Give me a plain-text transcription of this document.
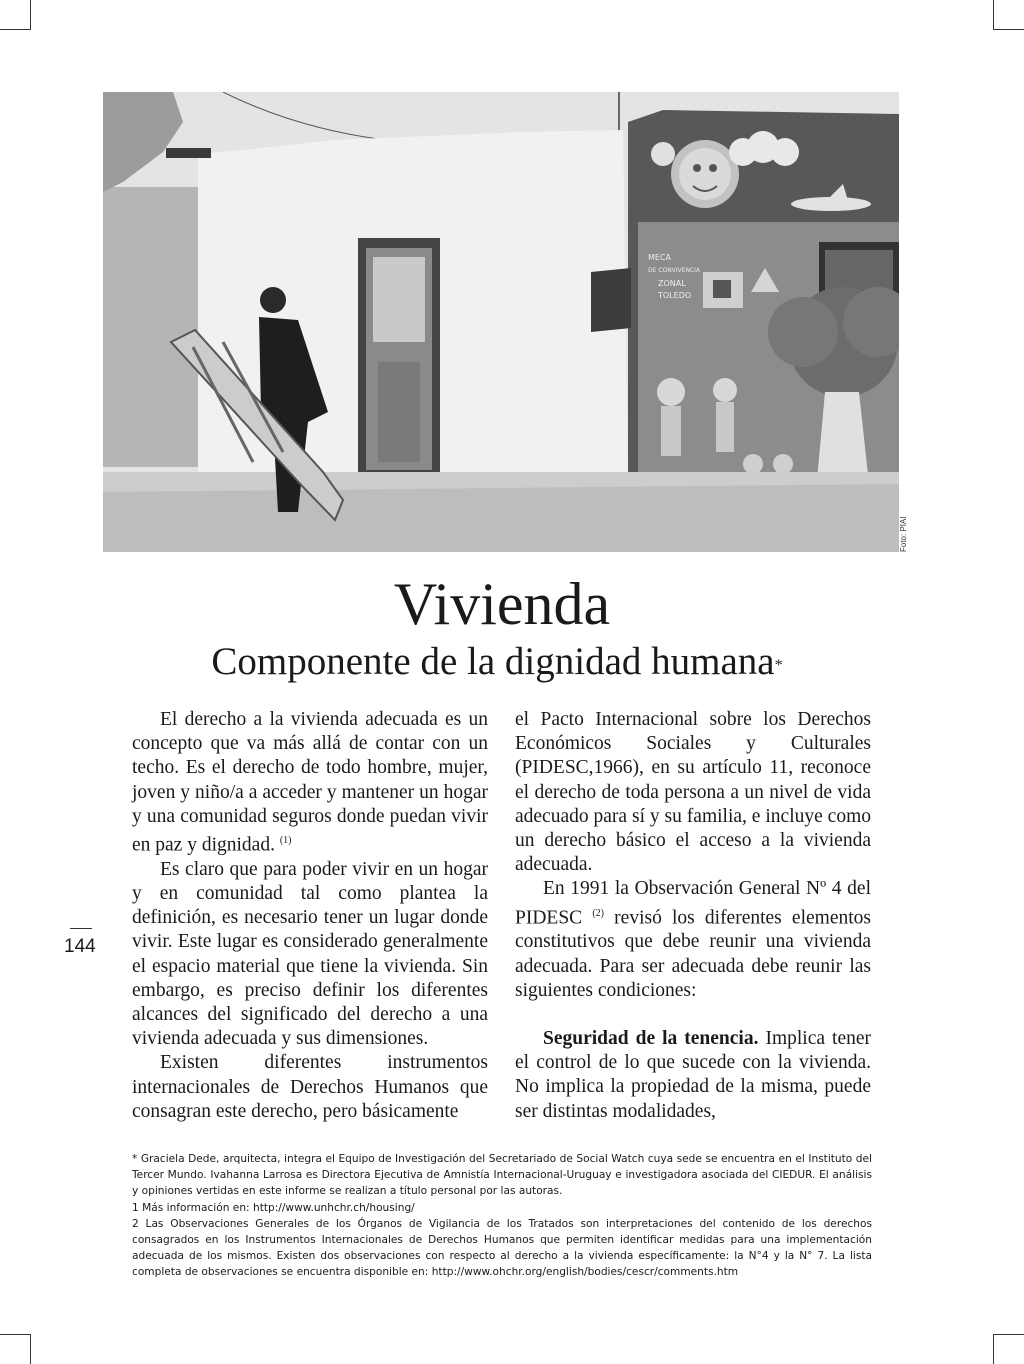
MECA
DE CONVIVENCIA
ZONAL
TOLEDO
Foto: PIAI
Vivienda
Componente de la dignidad humana*
144

El derecho a la vivienda adecuada es un concepto que va más allá de contar con un techo. Es el derecho de todo hombre, mujer, joven y niño/a a acceder y mantener un hogar y una comunidad seguros donde puedan vivir en paz y dignidad. $^{(1)}$

Es claro que para poder vivir en un hogar y en comunidad tal como plantea la definición, es necesario tener un lugar donde vivir. Este lugar es considerado generalmente el espacio material que tiene la vivienda. Sin embargo, es preciso definir los diferentes alcances del significado del derecho a una vivienda adecuada y sus dimensiones.

Existen diferentes instrumentos internacionales de Derechos Humanos que consagran este derecho, pero básicamente

el Pacto Internacional sobre los Derechos Económicos Sociales y Culturales (PIDESC,1966), en su artículo 11, reconoce el derecho de toda persona a un nivel de vida adecuado para sí y su familia, e incluye como un derecho básico el acceso a la vivienda adecuada.

En 1991 la Observación General Nº 4 del PIDESC $^{(2)}$ revisó los diferentes elementos constitutivos que debe reunir una vivienda adecuada. Para ser adecuada debe reunir las siguientes condiciones:

Seguridad de la tenencia. Implica tener el control de lo que sucede con la vivienda. No implica la propiedad de la misma, puede ser distintas modalidades,

* Graciela Dede, arquitecta, integra el Equipo de Investigación del Secretariado de Social Watch cuya sede se encuentra en el Instituto del Tercer Mundo. Ivahanna Larrosa es Directora Ejecutiva de Amnistía Internacional-Uruguay e investigadora asociada del CIEDUR. El análisis y opiniones vertidas en este informe se realizan a título personal por las autoras.

1 Más información en: http://www.unhchr.ch/housing/

2 Las Observaciones Generales de los Órganos de Vigilancia de los Tratados son interpretaciones del contenido de los derechos consagrados en los Instrumentos Internacionales de Derechos Humanos que permiten identificar medidas para una implementación adecuada de los mismos. Existen dos observaciones con respecto al derecho a la vivienda específicamente: la N°4 y la N° 7. La lista completa de observaciones se encuentra disponible en: http://www.ohchr.org/english/bodies/cescr/comments.htm
